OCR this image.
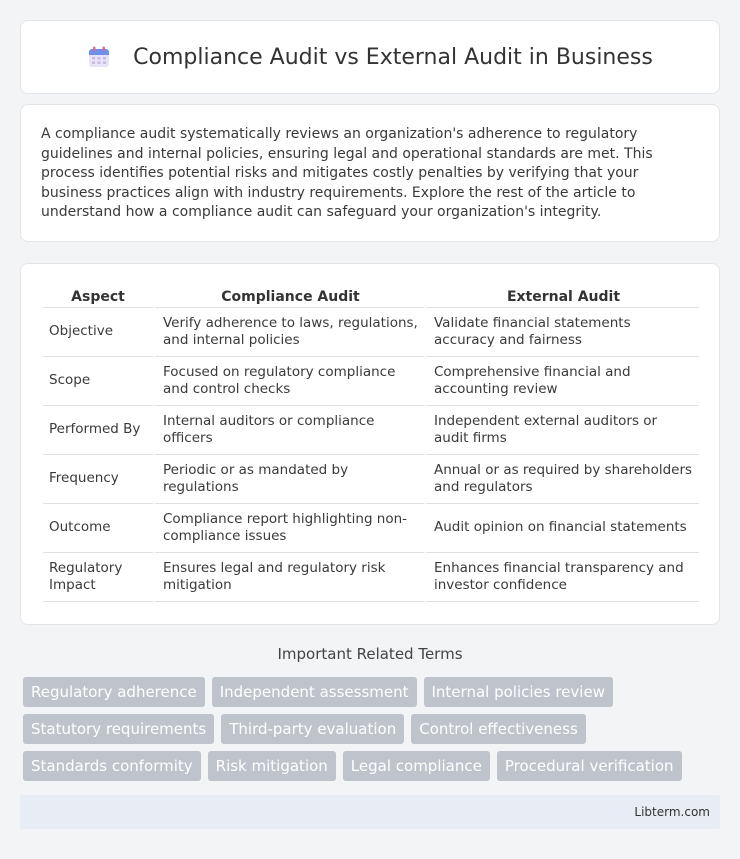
Compliance Audit vs External Audit in Business

A compliance audit systematically reviews an organization's adherence to regulatory guidelines and internal policies, ensuring legal and operational standards are met. This process identifies potential risks and mitigates costly penalties by verifying that your business practices align with industry requirements. Explore the rest of the article to understand how a compliance audit can safeguard your organization's integrity.

Aspect	Compliance Audit	External Audit
Objective	Verify adherence to laws, regulations, and internal policies	Validate financial statements accuracy and fairness
Scope	Focused on regulatory compliance and control checks	Comprehensive financial and accounting review
Performed By	Internal auditors or compliance officers	Independent external auditors or audit firms
Frequency	Periodic or as mandated by regulations	Annual or as required by shareholders and regulators
Outcome	Compliance report highlighting non-compliance issues	Audit opinion on financial statements
Regulatory Impact	Ensures legal and regulatory risk mitigation	Enhances financial transparency and investor confidence
Important Related Terms
Regulatory adherence	Independent assessment	Internal policies review
Statutory requirements	Third-party evaluation	Control effectiveness
Standards conformity	Risk mitigation	Legal compliance	Procedural verification
Libterm.com
